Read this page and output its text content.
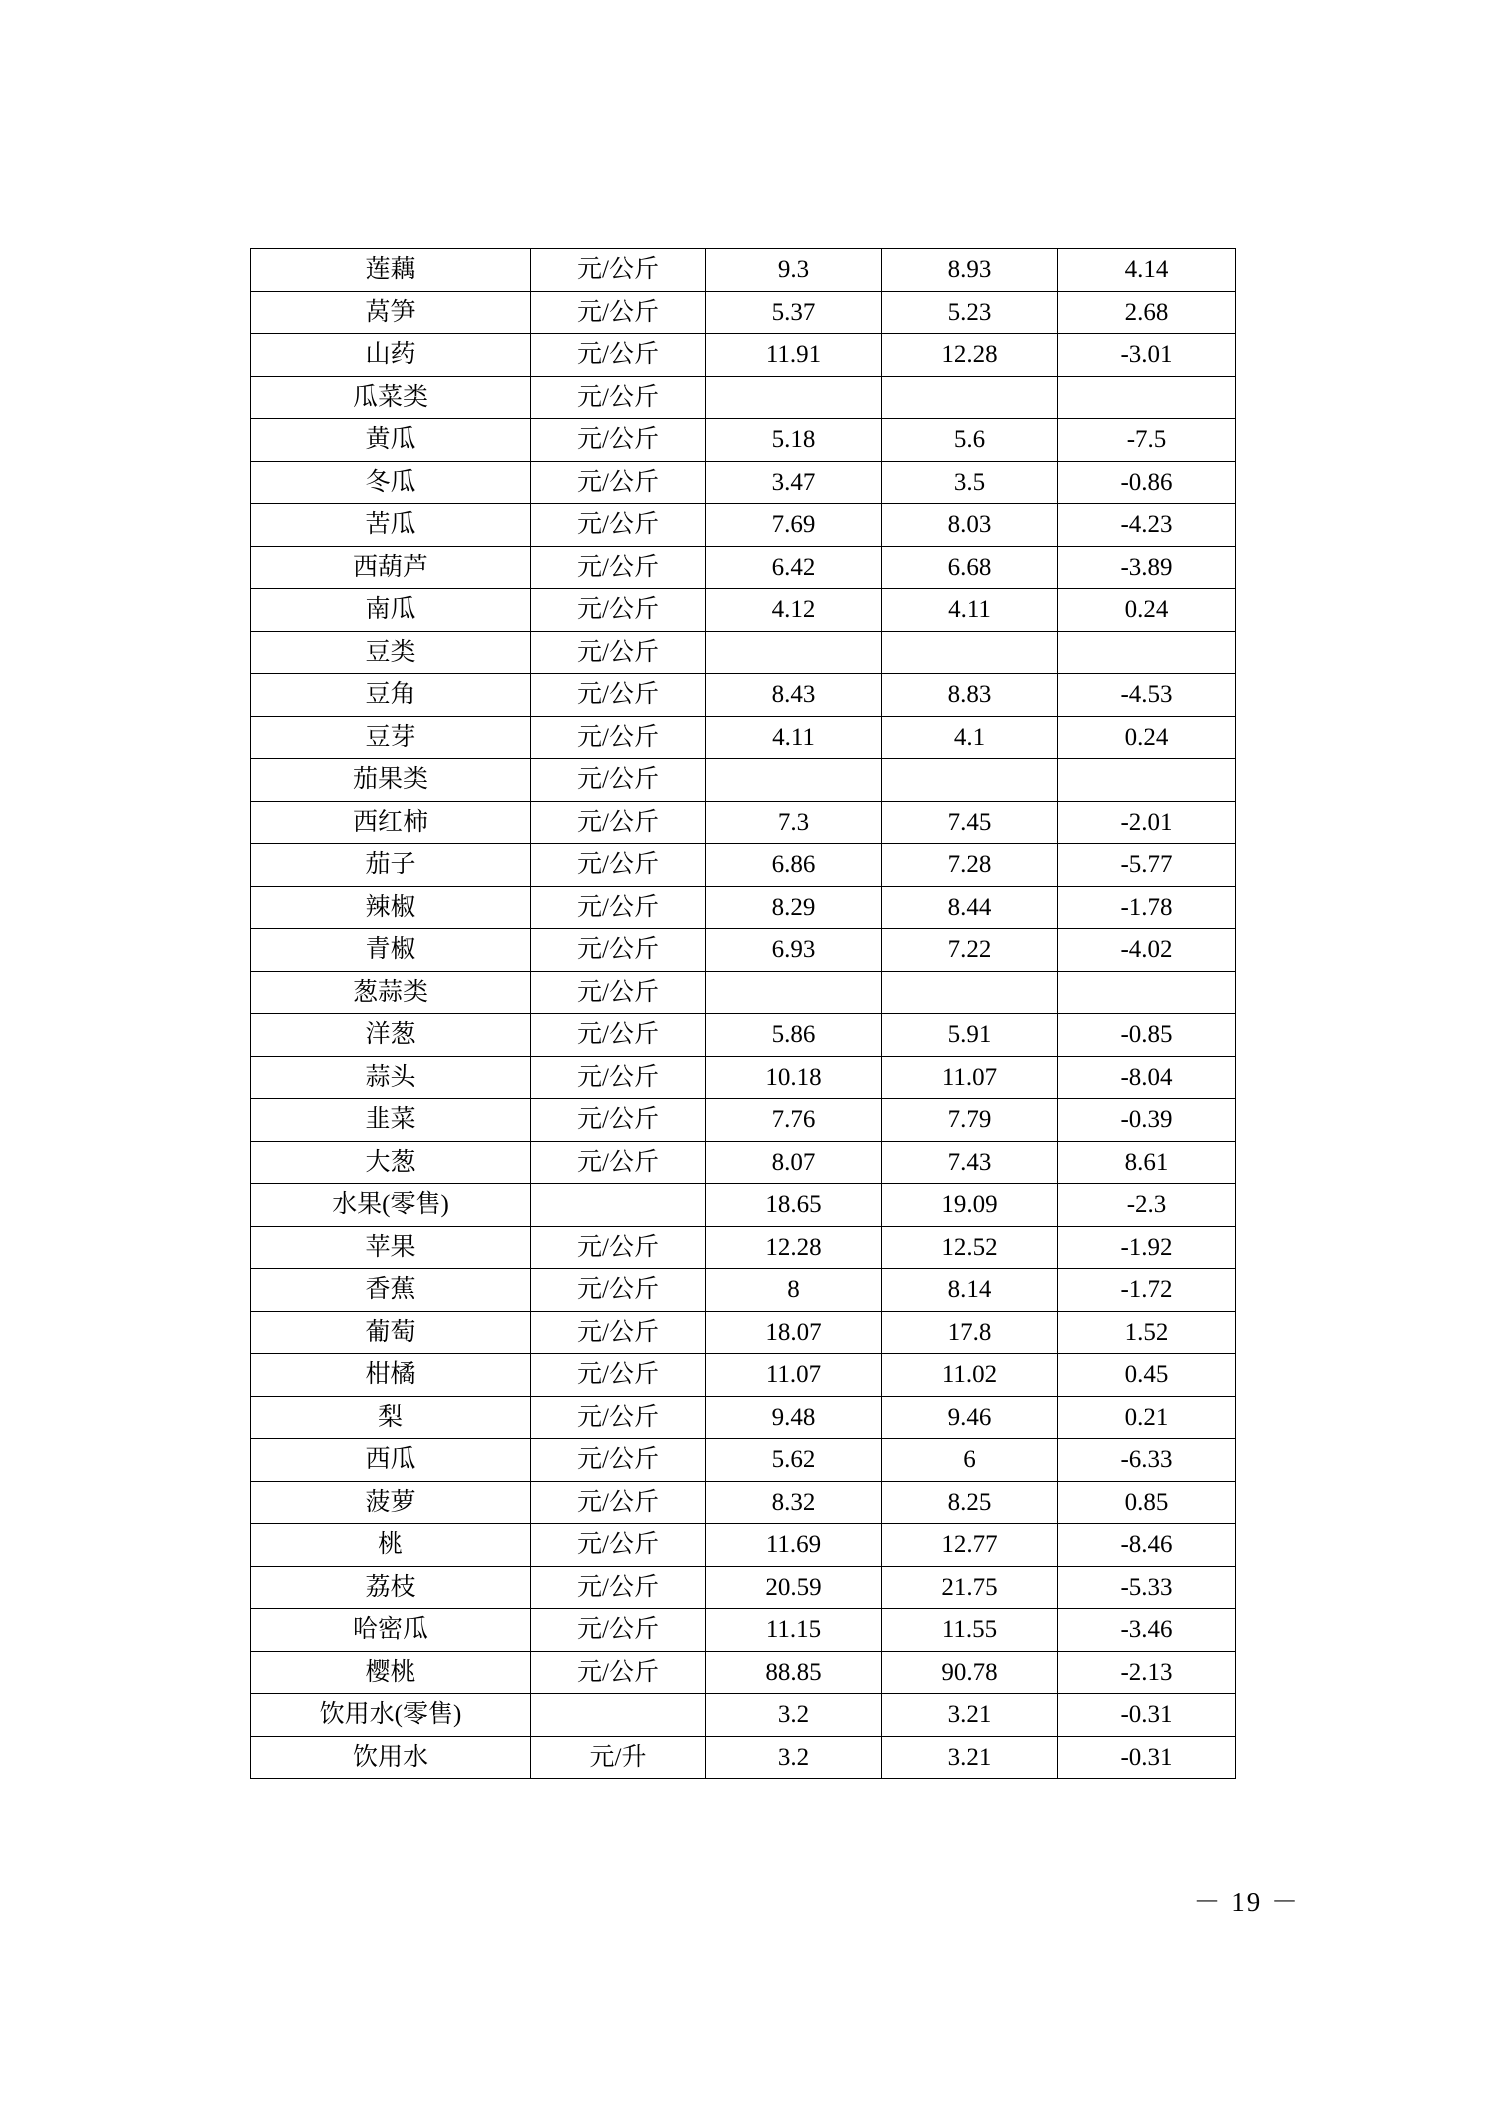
莲藕	元/公斤	9.3	8.93	4.14
莴笋	元/公斤	5.37	5.23	2.68
山药	元/公斤	11.91	12.28	-3.01
瓜菜类	元/公斤			
黄瓜	元/公斤	5.18	5.6	-7.5
冬瓜	元/公斤	3.47	3.5	-0.86
苦瓜	元/公斤	7.69	8.03	-4.23
西葫芦	元/公斤	6.42	6.68	-3.89
南瓜	元/公斤	4.12	4.11	0.24
豆类	元/公斤			
豆角	元/公斤	8.43	8.83	-4.53
豆芽	元/公斤	4.11	4.1	0.24
茄果类	元/公斤			
西红柿	元/公斤	7.3	7.45	-2.01
茄子	元/公斤	6.86	7.28	-5.77
辣椒	元/公斤	8.29	8.44	-1.78
青椒	元/公斤	6.93	7.22	-4.02
葱蒜类	元/公斤			
洋葱	元/公斤	5.86	5.91	-0.85
蒜头	元/公斤	10.18	11.07	-8.04
韭菜	元/公斤	7.76	7.79	-0.39
大葱	元/公斤	8.07	7.43	8.61
水果(零售)		18.65	19.09	-2.3
苹果	元/公斤	12.28	12.52	-1.92
香蕉	元/公斤	8	8.14	-1.72
葡萄	元/公斤	18.07	17.8	1.52
柑橘	元/公斤	11.07	11.02	0.45
梨	元/公斤	9.48	9.46	0.21
西瓜	元/公斤	5.62	6	-6.33
菠萝	元/公斤	8.32	8.25	0.85
桃	元/公斤	11.69	12.77	-8.46
荔枝	元/公斤	20.59	21.75	-5.33
哈密瓜	元/公斤	11.15	11.55	-3.46
樱桃	元/公斤	88.85	90.78	-2.13
饮用水(零售)		3.2	3.21	-0.31
饮用水	元/升	3.2	3.21	-0.31
－ 19 －
